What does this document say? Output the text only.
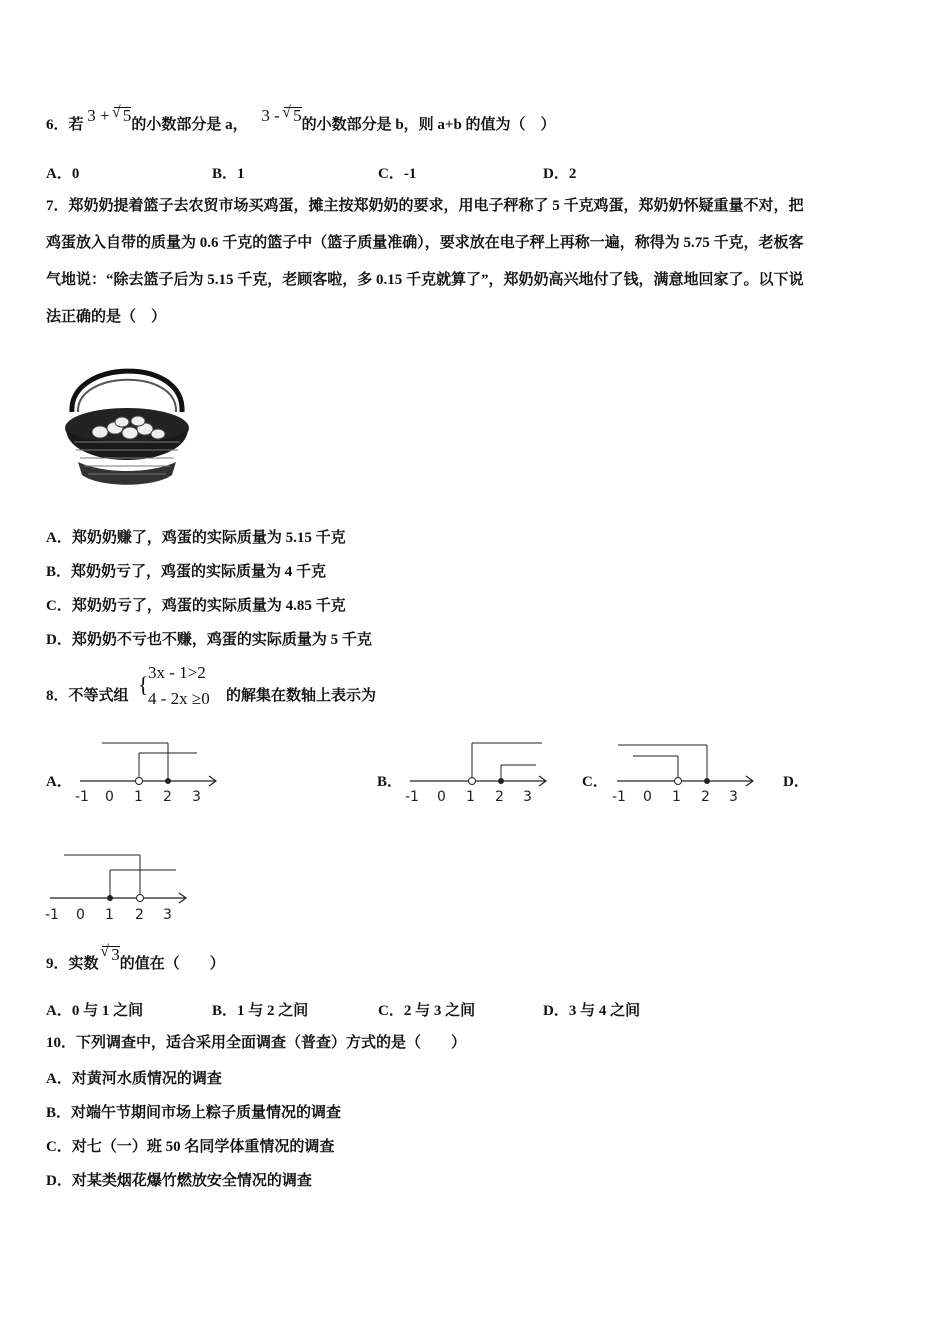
6．若 3 + √ 5的小数部分是 a， 3 - √ 5的小数部分是 b，则 a+b 的值为（　）
A．0	B．1	C．-1	D．2
7．郑奶奶提着篮子去农贸市场买鸡蛋，摊主按郑奶奶的要求，用电子秤称了 5 千克鸡蛋，郑奶奶怀疑重量不对，把
鸡蛋放入自带的质量为 0.6 千克的篮子中（篮子质量准确），要求放在电子秤上再称一遍，称得为 5.75 千克，老板客
气地说：“除去篮子后为 5.15 千克，老顾客啦，多 0.15 千克就算了”，郑奶奶高兴地付了钱，满意地回家了。以下说
法正确的是（　）
A．郑奶奶赚了，鸡蛋的实际质量为 5.15 千克
B．郑奶奶亏了，鸡蛋的实际质量为 4 千克
C．郑奶奶亏了，鸡蛋的实际质量为 4.85 千克
D．郑奶奶不亏也不赚，鸡蛋的实际质量为 5 千克
8．不等式组 { 3x - 1>2
4 - 2x ≥0 的解集在数轴上表示为
A．	B．	C．	D．
-1 0 1 2 3	-1 0 1 2 3	-1 0 1 2 3
-1 0 1 2 3
9．实数 √ 3的值在（　　）
A．0 与 1 之间	B．1 与 2 之间	C．2 与 3 之间	D．3 与 4 之间
10．下列调查中，适合采用全面调查（普查）方式的是（　　）
A．对黄河水质情况的调查
B．对端午节期间市场上粽子质量情况的调查
C．对七（一）班 50 名同学体重情况的调查
D．对某类烟花爆竹燃放安全情况的调查
